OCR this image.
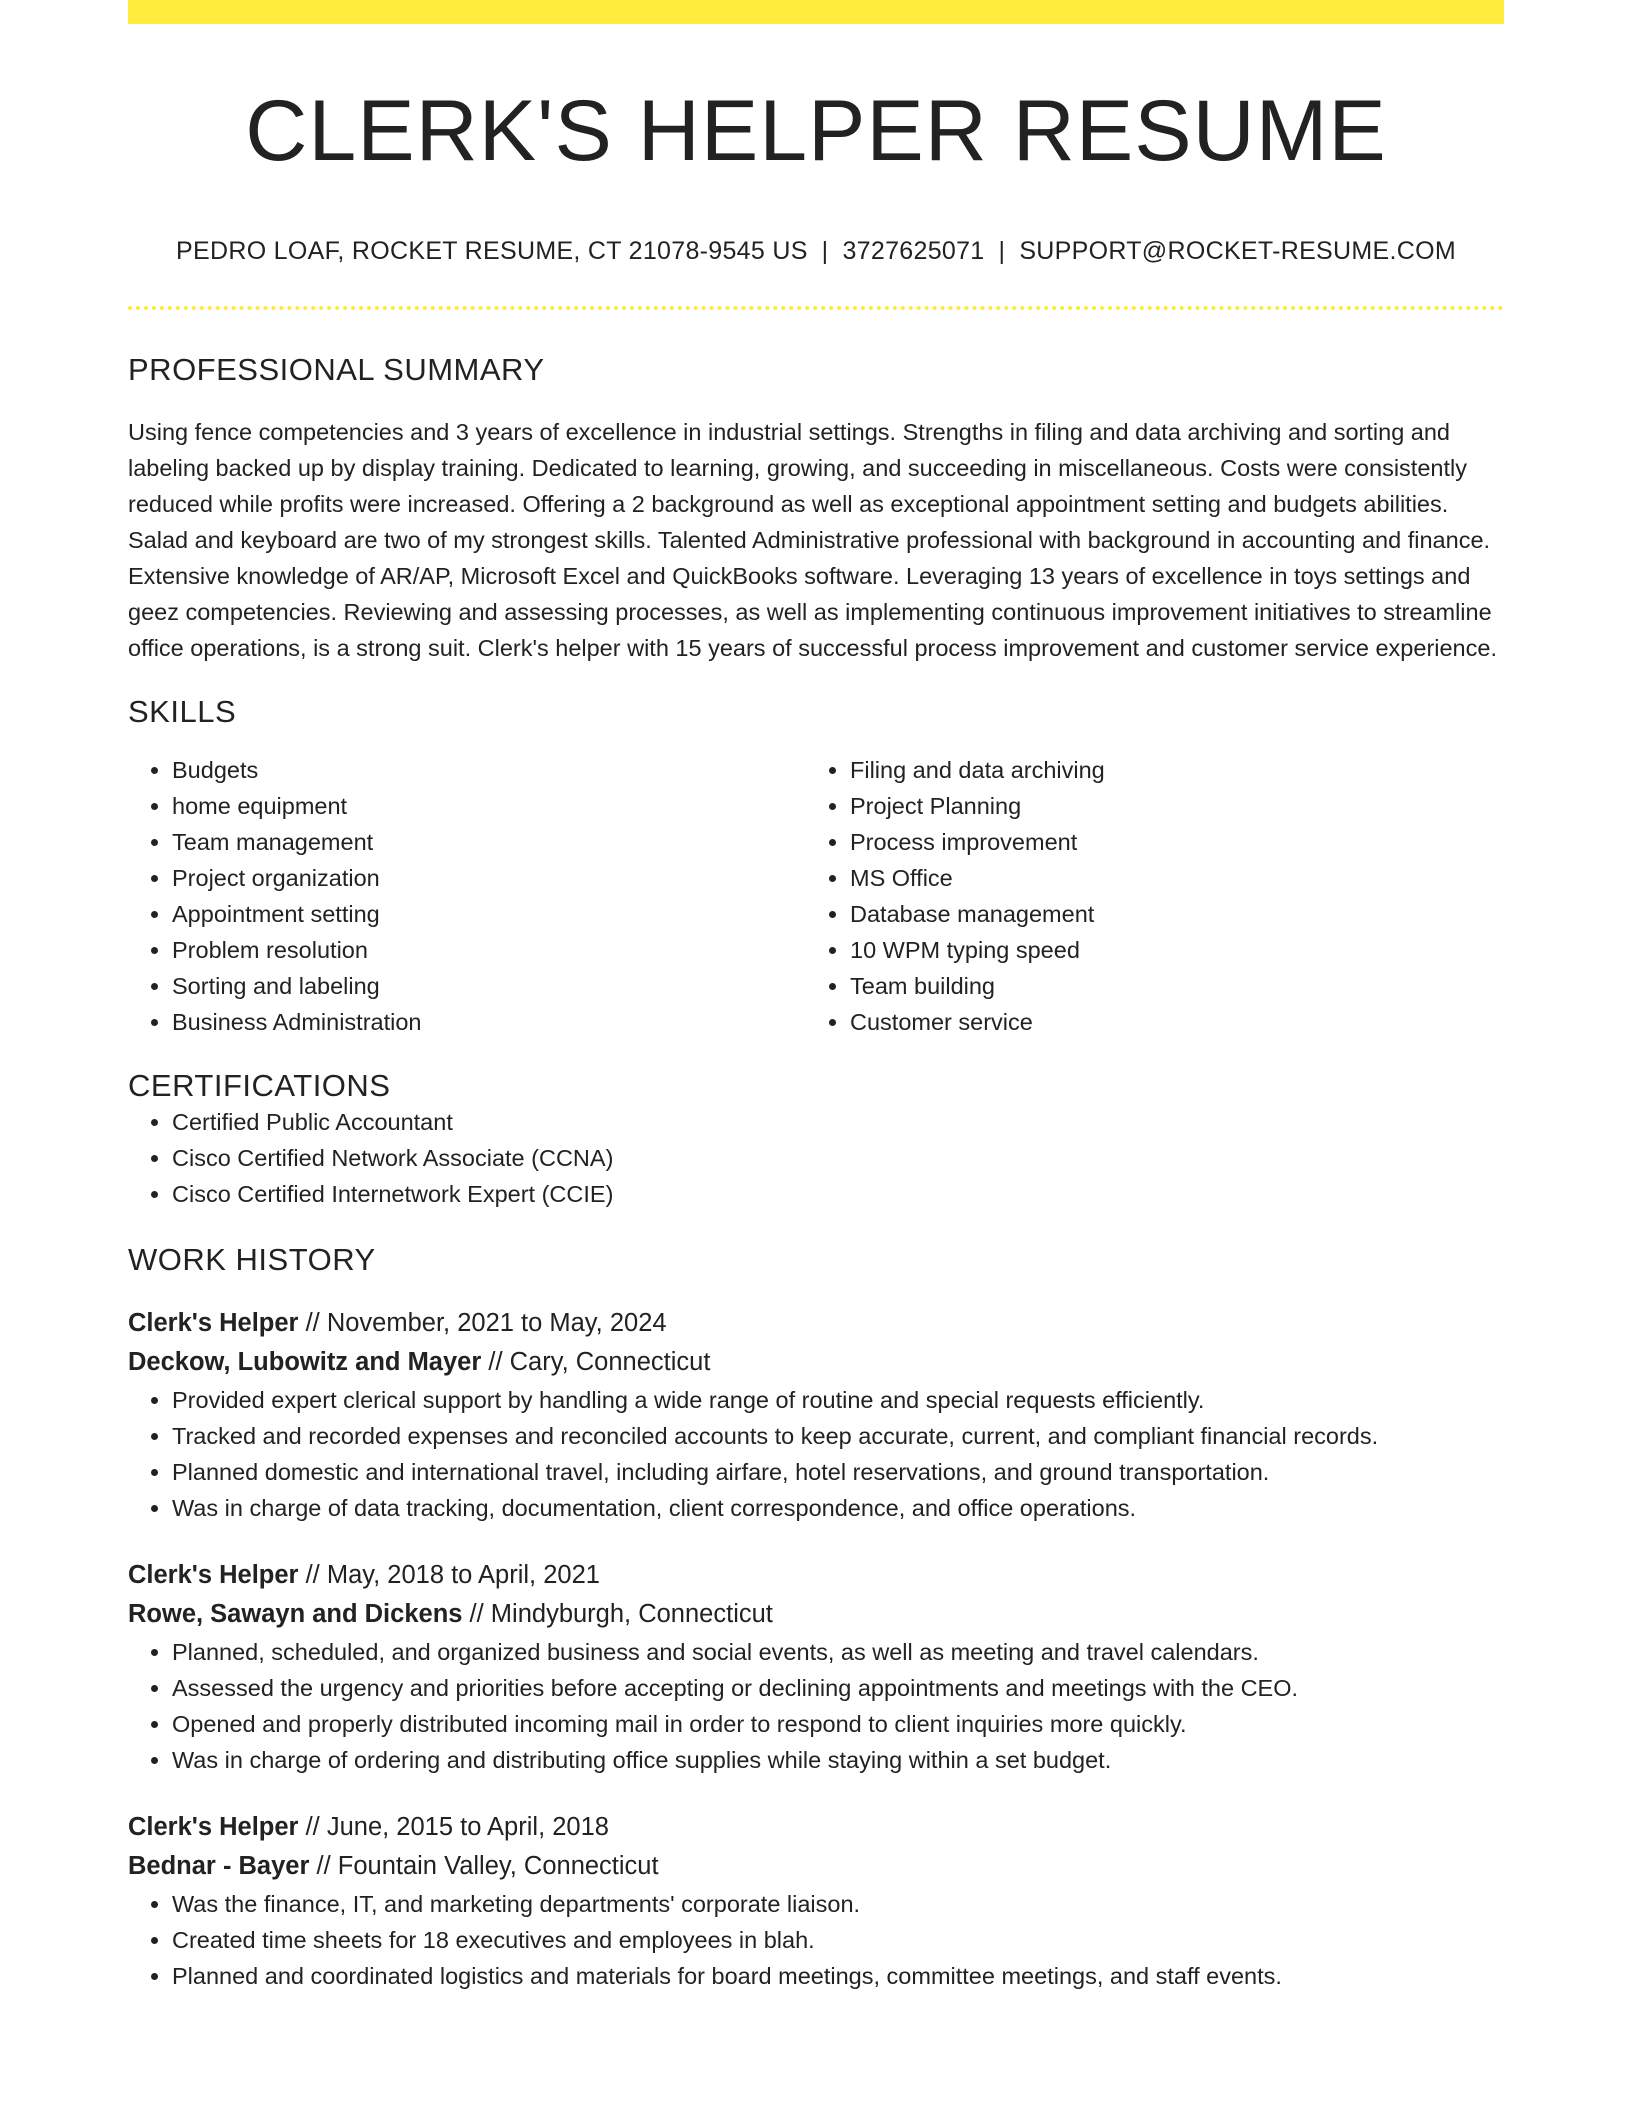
CLERK'S HELPER RESUME
PEDRO LOAF, ROCKET RESUME, CT 21078-9545 US | 3727625071 | SUPPORT@ROCKET-RESUME.COM
PROFESSIONAL SUMMARY

Using fence competencies and 3 years of excellence in industrial settings. Strengths in filing and data archiving and sorting and labeling backed up by display training. Dedicated to learning, growing, and succeeding in miscellaneous. Costs were consistently reduced while profits were increased. Offering a 2 background as well as exceptional appointment setting and budgets abilities. Salad and keyboard are two of my strongest skills. Talented Administrative professional with background in accounting and finance. Extensive knowledge of AR/AP, Microsoft Excel and QuickBooks software. Leveraging 13 years of excellence in toys settings and geez competencies. Reviewing and assessing processes, as well as implementing continuous improvement initiatives to streamline office operations, is a strong suit. Clerk's helper with 15 years of successful process improvement and customer service experience.

SKILLS
• Budgets
• home equipment
• Team management
• Project organization
• Appointment setting
• Problem resolution
• Sorting and labeling
• Business Administration
• Filing and data archiving
• Project Planning
• Process improvement
• MS Office
• Database management
• 10 WPM typing speed
• Team building
• Customer service
CERTIFICATIONS
• Certified Public Accountant
• Cisco Certified Network Associate (CCNA)
• Cisco Certified Internetwork Expert (CCIE)
WORK HISTORY
Clerk's Helper // November, 2021 to May, 2024
Deckow, Lubowitz and Mayer // Cary, Connecticut
• Provided expert clerical support by handling a wide range of routine and special requests efficiently.
• Tracked and recorded expenses and reconciled accounts to keep accurate, current, and compliant financial records.
• Planned domestic and international travel, including airfare, hotel reservations, and ground transportation.
• Was in charge of data tracking, documentation, client correspondence, and office operations.
Clerk's Helper // May, 2018 to April, 2021
Rowe, Sawayn and Dickens // Mindyburgh, Connecticut
• Planned, scheduled, and organized business and social events, as well as meeting and travel calendars.
• Assessed the urgency and priorities before accepting or declining appointments and meetings with the CEO.
• Opened and properly distributed incoming mail in order to respond to client inquiries more quickly.
• Was in charge of ordering and distributing office supplies while staying within a set budget.
Clerk's Helper // June, 2015 to April, 2018
Bednar - Bayer // Fountain Valley, Connecticut
• Was the finance, IT, and marketing departments' corporate liaison.
• Created time sheets for 18 executives and employees in blah.
• Planned and coordinated logistics and materials for board meetings, committee meetings, and staff events.
